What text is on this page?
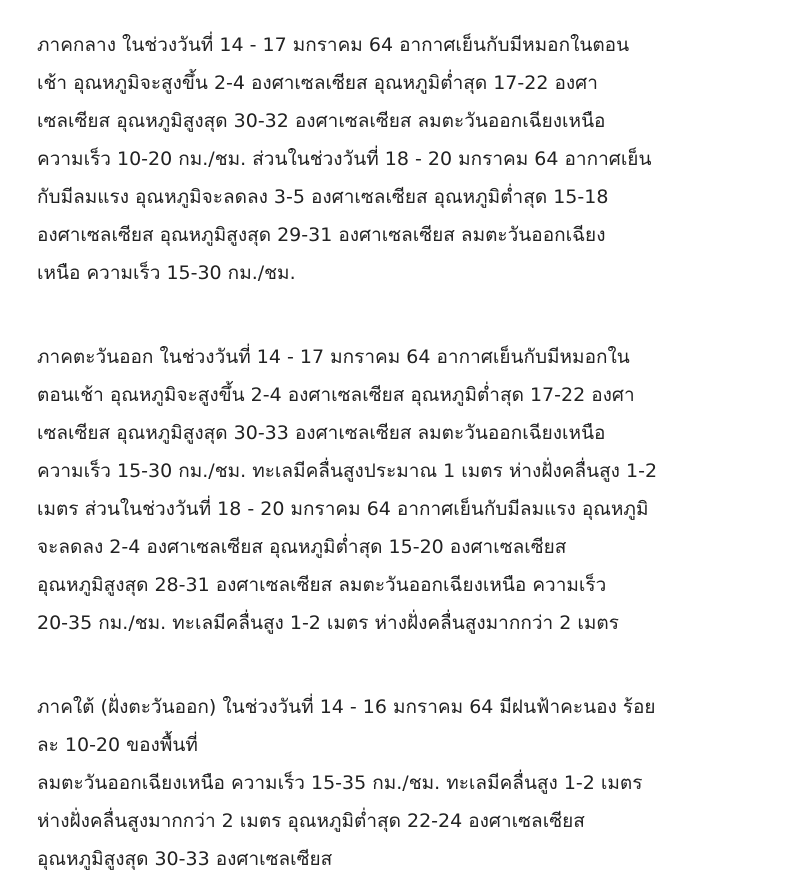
ภาคกลาง ในช่วงวันที่ 14 - 17 มกราคม 64 อากาศเย็นกับมีหมอกในตอน
เช้า อุณหภูมิจะสูงขึ้น 2-4 องศาเซลเซียส อุณหภูมิต่ำสุด 17-22 องศา
เซลเซียส อุณหภูมิสูงสุด 30-32 องศาเซลเซียส ลมตะวันออกเฉียงเหนือ
ความเร็ว 10-20 กม./ชม. ส่วนในช่วงวันที่ 18 - 20 มกราคม 64 อากาศเย็น
กับมีลมแรง อุณหภูมิจะลดลง 3-5 องศาเซลเซียส อุณหภูมิต่ำสุด 15-18
องศาเซลเซียส อุณหภูมิสูงสุด 29-31 องศาเซลเซียส ลมตะวันออกเฉียง
เหนือ ความเร็ว 15-30 กม./ชม.
ภาคตะวันออก ในช่วงวันที่ 14 - 17 มกราคม 64 อากาศเย็นกับมีหมอกใน
ตอนเช้า อุณหภูมิจะสูงขึ้น 2-4 องศาเซลเซียส อุณหภูมิต่ำสุด 17-22 องศา
เซลเซียส อุณหภูมิสูงสุด 30-33 องศาเซลเซียส ลมตะวันออกเฉียงเหนือ
ความเร็ว 15-30 กม./ชม. ทะเลมีคลื่นสูงประมาณ 1 เมตร ห่างฝั่งคลื่นสูง 1-2
เมตร ส่วนในช่วงวันที่ 18 - 20 มกราคม 64 อากาศเย็นกับมีลมแรง อุณหภูมิ
จะลดลง 2-4 องศาเซลเซียส อุณหภูมิต่ำสุด 15-20 องศาเซลเซียส
อุณหภูมิสูงสุด 28-31 องศาเซลเซียส ลมตะวันออกเฉียงเหนือ ความเร็ว
20-35 กม./ชม. ทะเลมีคลื่นสูง 1-2 เมตร ห่างฝั่งคลื่นสูงมากกว่า 2 เมตร
ภาคใต้ (ฝั่งตะวันออก) ในช่วงวันที่ 14 - 16 มกราคม 64 มีฝนฟ้าคะนอง ร้อย
ละ 10-20 ของพื้นที่
ลมตะวันออกเฉียงเหนือ ความเร็ว 15-35 กม./ชม. ทะเลมีคลื่นสูง 1-2 เมตร
ห่างฝั่งคลื่นสูงมากกว่า 2 เมตร อุณหภูมิต่ำสุด 22-24 องศาเซลเซียส
อุณหภูมิสูงสุด 30-33 องศาเซลเซียส
